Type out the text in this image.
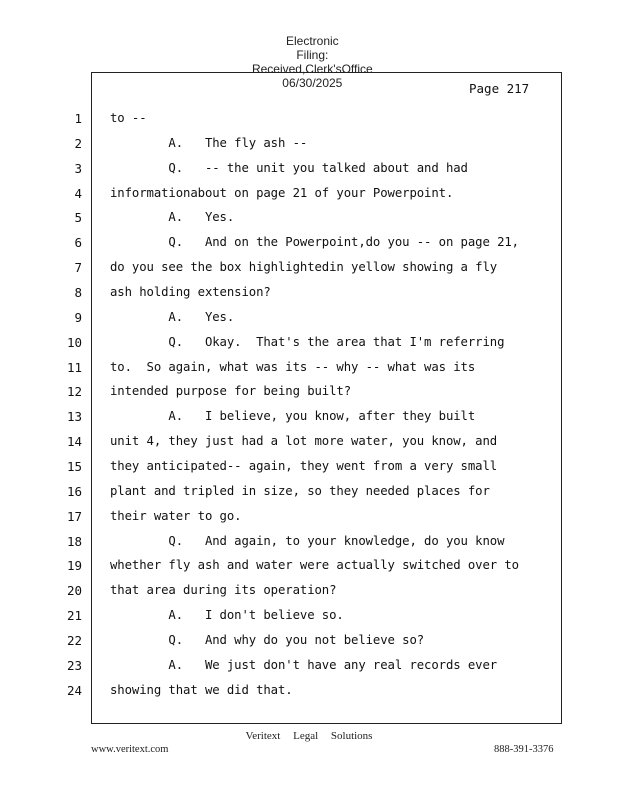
Electronic
Filing:
Received,Clerk'sOffice
06/30/2025	Page 217
1 to --
2 A.   The fly ash --
3 Q.   -- the unit you talked about and had
4 informationabout on page 21 of your Powerpoint.
5 A.   Yes.
6 Q.   And on the Powerpoint,do you -- on page 21,
7 do you see the box highlightedin yellow showing a fly
8 ash holding extension?
9 A.   Yes.
10 Q.   Okay.  That's the area that I'm referring
11 to.  So again, what was its -- why -- what was its
12 intended purpose for being built?
13 A.   I believe, you know, after they built
14 unit 4, they just had a lot more water, you know, and
15 they anticipated-- again, they went from a very small
16 plant and tripled in size, so they needed places for
17 their water to go.
18 Q.   And again, to your knowledge, do you know
19 whether fly ash and water were actually switched over to
20 that area during its operation?
21 A.   I don't believe so.
22 Q.   And why do you not believe so?
23 A.   We just don't have any real records ever
24 showing that we did that.
Veritext Legal Solutions
www.veritext.com	888-391-3376
